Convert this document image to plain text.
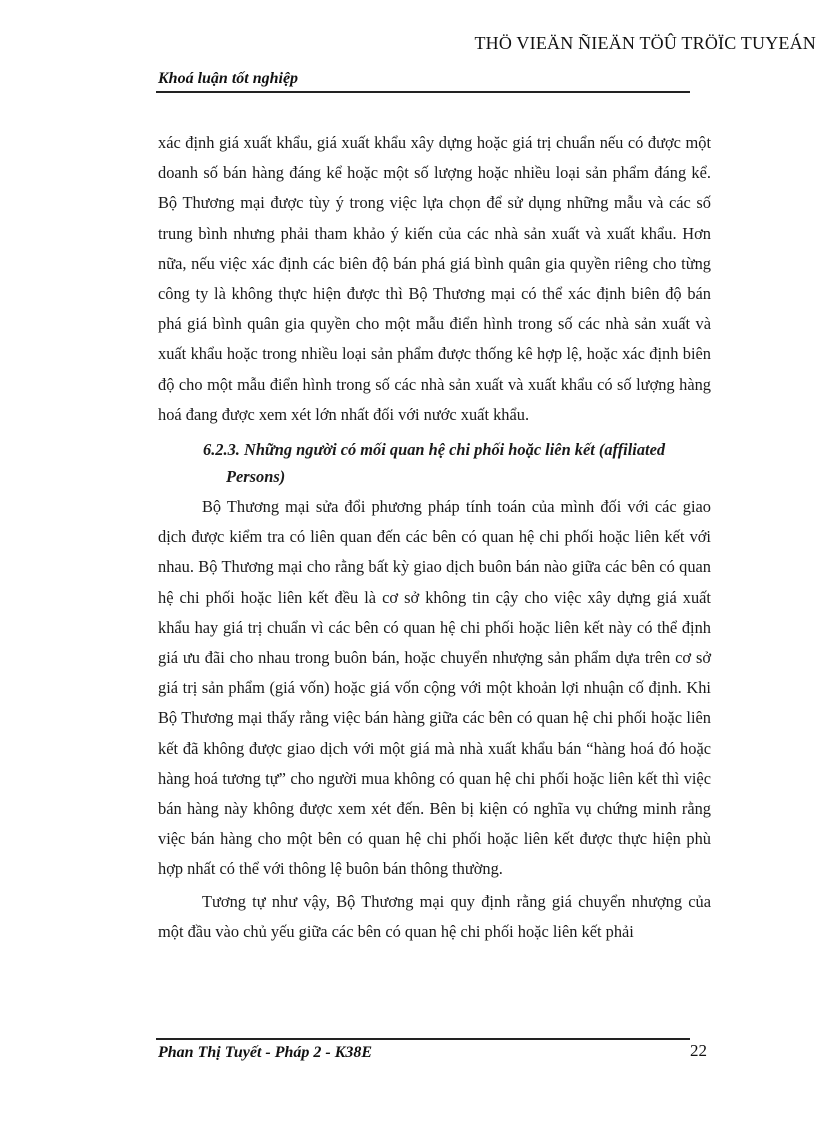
THÖ VIEÄN ÑIEÄN TÖÛ TRÖÏC TUYEÁN
Khoá luận tốt nghiệp

xác định giá xuất khẩu, giá xuất khẩu xây dựng hoặc giá trị chuẩn nếu có được một doanh số bán hàng đáng kể hoặc một số lượng hoặc nhiều loại sản phẩm đáng kể. Bộ Thương mại được tùy ý trong việc lựa chọn để sử dụng những mẫu và các số trung bình nhưng phải tham khảo ý kiến của các nhà sản xuất và xuất khẩu. Hơn nữa, nếu việc xác định các biên độ bán phá giá bình quân gia quyền riêng cho từng công ty là không thực hiện được thì Bộ Thương mại có thể xác định biên độ bán phá giá bình quân gia quyền cho một mẫu điển hình trong số các nhà sản xuất và xuất khẩu hoặc trong nhiều loại sản phẩm được thống kê hợp lệ, hoặc xác định biên độ cho một mẫu điển hình trong số các nhà sản xuất và xuất khẩu có số lượng hàng hoá đang được xem xét lớn nhất đối với nước xuất khẩu.

6.2.3. Những người có mối quan hệ chi phối hoặc liên kết (affiliated Persons)

Bộ Thương mại sửa đổi phương pháp tính toán của mình đối với các giao dịch được kiểm tra có liên quan đến các bên có quan hệ chi phối hoặc liên kết với nhau. Bộ Thương mại cho rằng bất kỳ giao dịch buôn bán nào giữa các bên có quan hệ chi phối hoặc liên kết đều là cơ sở không tin cậy cho việc xây dựng giá xuất khẩu hay giá trị chuẩn vì các bên có quan hệ chi phối hoặc liên kết này có thể định giá ưu đãi cho nhau trong buôn bán, hoặc chuyển nhượng sản phẩm dựa trên cơ sở giá trị sản phẩm (giá vốn) hoặc giá vốn cộng với một khoản lợi nhuận cố định. Khi Bộ Thương mại thấy rằng việc bán hàng giữa các bên có quan hệ chi phối hoặc liên kết đã không được giao dịch với một giá mà nhà xuất khẩu bán “hàng hoá đó hoặc hàng hoá tương tự” cho người mua không có quan hệ chi phối hoặc liên kết thì việc bán hàng này không được xem xét đến. Bên bị kiện có nghĩa vụ chứng minh rằng việc bán hàng cho một bên có quan hệ chi phối hoặc liên kết được thực hiện phù hợp nhất có thể với thông lệ buôn bán thông thường.

Tương tự như vậy, Bộ Thương mại quy định rằng giá chuyển nhượng của một đầu vào chủ yếu giữa các bên có quan hệ chi phối hoặc liên kết phải

Phan Thị Tuyết - Pháp 2 - K38E	22
